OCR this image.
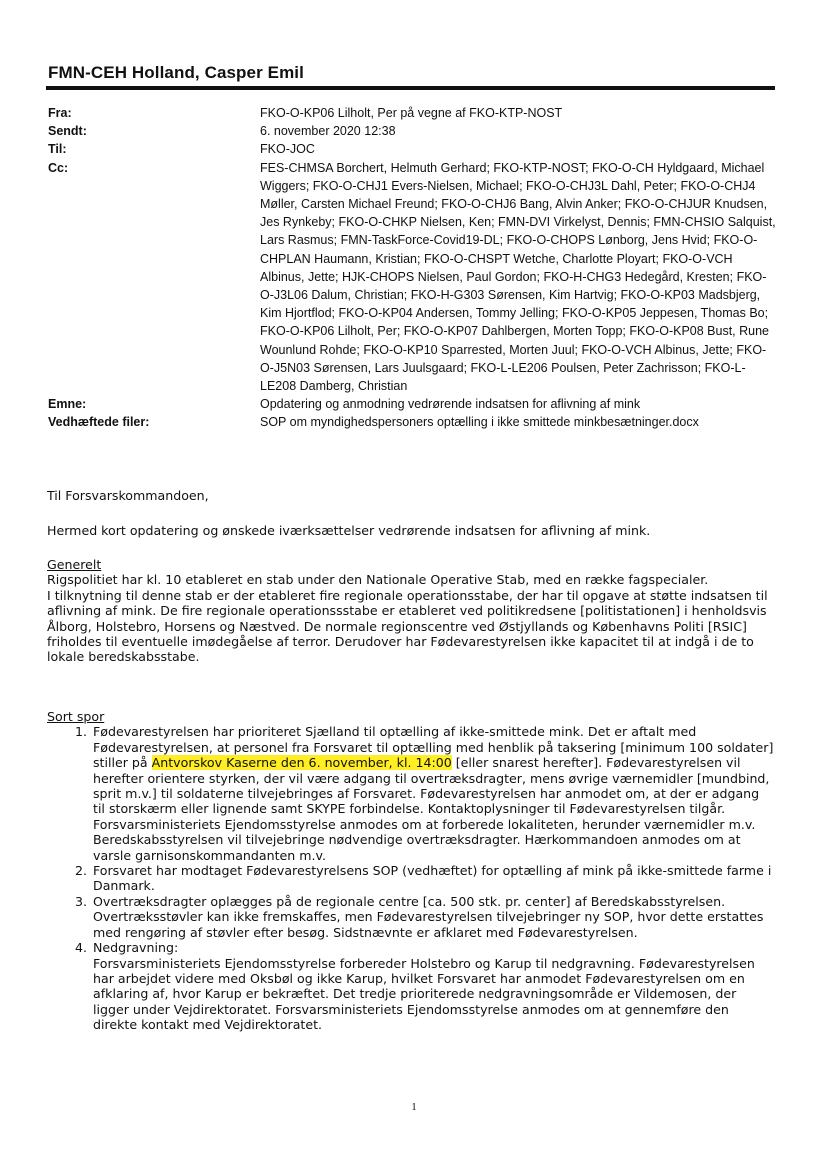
FMN-CEH Holland, Casper Emil
Fra:	FKO-O-KP06 Lilholt, Per på vegne af FKO-KTP-NOST
Sendt:	6. november 2020 12:38
Til:	FKO-JOC
Cc:	FES-CHMSA Borchert, Helmuth Gerhard; FKO-KTP-NOST; FKO-O-CH Hyldgaard, Michael Wiggers; FKO-O-CHJ1 Evers-Nielsen, Michael; FKO-O-CHJ3L Dahl, Peter; FKO-O-CHJ4 Møller, Carsten Michael Freund; FKO-O-CHJ6 Bang, Alvin Anker; FKO-O-CHJUR Knudsen, Jes Rynkeby; FKO-O-CHKP Nielsen, Ken; FMN-DVI Virkelyst, Dennis; FMN-CHSIO Salquist, Lars Rasmus; FMN-TaskForce-Covid19-DL; FKO-O-CHOPS Lønborg, Jens Hvid; FKO-O-CHPLAN Haumann, Kristian; FKO-O-CHSPT Wetche, Charlotte Ployart; FKO-O-VCH Albinus, Jette; HJK-CHOPS Nielsen, Paul Gordon; FKO-H-CHG3 Hedegård, Kresten; FKO-O-J3L06 Dalum, Christian; FKO-H-G303 Sørensen, Kim Hartvig; FKO-O-KP03 Madsbjerg, Kim Hjortflod; FKO-O-KP04 Andersen, Tommy Jelling; FKO-O-KP05 Jeppesen, Thomas Bo; FKO-O-KP06 Lilholt, Per; FKO-O-KP07 Dahlbergen, Morten Topp; FKO-O-KP08 Bust, Rune Wounlund Rohde; FKO-O-KP10 Sparrested, Morten Juul; FKO-O-VCH Albinus, Jette; FKO-O-J5N03 Sørensen, Lars Juulsgaard; FKO-L-LE206 Poulsen, Peter Zachrisson; FKO-L-LE208 Damberg, Christian
Emne:	Opdatering og anmodning vedrørende indsatsen for aflivning af mink
Vedhæftede filer:	SOP om myndighedspersoners optælling i ikke smittede minkbesætninger.docx
Til Forsvarskommandoen,
Hermed kort opdatering og ønskede iværksættelser vedrørende indsatsen for aflivning af mink.
Generelt
Rigspolitiet har kl. 10 etableret en stab under den Nationale Operative Stab, med en række fagspecialer.
I tilknytning til denne stab er der etableret fire regionale operationsstabe, der har til opgave at støtte indsatsen til aflivning af mink. De fire regionale operationssstabe er etableret ved politikredsene [politistationen] i henholdsvis Ålborg, Holstebro, Horsens og Næstved. De normale regionscentre ved Østjyllands og Københavns Politi [RSIC] friholdes til eventuelle imødegåelse af terror. Derudover har Fødevarestyrelsen ikke kapacitet til at indgå i de to lokale beredskabsstabe.
Sort spor
1. Fødevarestyrelsen har prioriteret Sjælland til optælling af ikke-smittede mink. Det er aftalt med Fødevarestyrelsen, at personel fra Forsvaret til optælling med henblik på taksering [minimum 100 soldater] stiller på Antvorskov Kaserne den 6. november, kl. 14:00 [eller snarest herefter]. Fødevarestyrelsen vil herefter orientere styrken, der vil være adgang til overtræksdragter, mens øvrige værnemidler [mundbind, sprit m.v.] til soldaterne tilvejebringes af Forsvaret. Fødevarestyrelsen har anmodet om, at der er adgang til storskærm eller lignende samt SKYPE forbindelse. Kontaktoplysninger til Fødevarestyrelsen tilgår. Forsvarsministeriets Ejendomsstyrelse anmodes om at forberede lokaliteten, herunder værnemidler m.v. Beredskabsstyrelsen vil tilvejebringe nødvendige overtræksdragter. Hærkommandoen anmodes om at varsle garnisonskommandanten m.v.
2. Forsvaret har modtaget Fødevarestyrelsens SOP (vedhæftet) for optælling af mink på ikke-smittede farme i Danmark.
3. Overtræksdragter oplægges på de regionale centre [ca. 500 stk. pr. center] af Beredskabsstyrelsen. Overtræksstøvler kan ikke fremskaffes, men Fødevarestyrelsen tilvejebringer ny SOP, hvor dette erstattes med rengøring af støvler efter besøg. Sidstnævnte er afklaret med Fødevarestyrelsen.
4. Nedgravning:
Forsvarsministeriets Ejendomsstyrelse forbereder Holstebro og Karup til nedgravning. Fødevarestyrelsen har arbejdet videre med Oksbøl og ikke Karup, hvilket Forsvaret har anmodet Fødevarestyrelsen om en afklaring af, hvor Karup er bekræftet. Det tredje prioriterede nedgravningsområde er Vildemosen, der ligger under Vejdirektoratet. Forsvarsministeriets Ejendomsstyrelse anmodes om at gennemføre den direkte kontakt med Vejdirektoratet.
1
